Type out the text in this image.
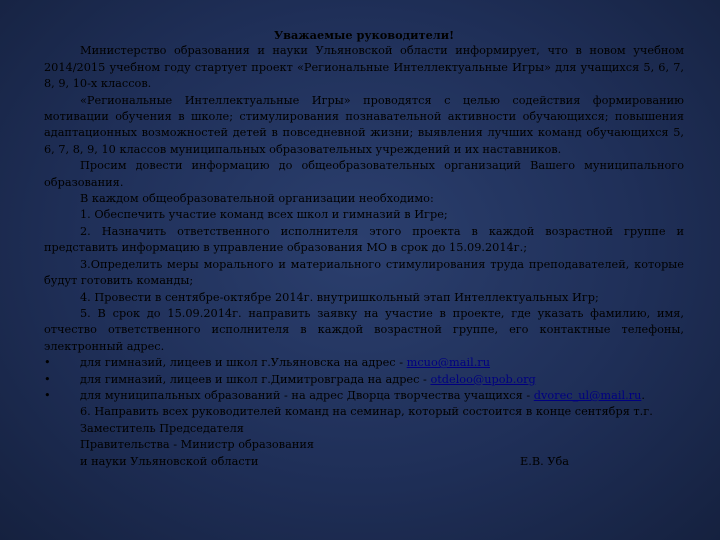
Уважаемые руководители!

Министерство образования и науки Ульяновской области информирует, что в новом учебном 2014/2015 учебном году стартует проект «Региональные Интеллектуальные Игры» для учащихся 5, 6, 7, 8, 9, 10-х классов.

«Региональные Интеллектуальные Игры» проводятся с целью содействия формированию мотивации обучения в школе; стимулирования познавательной активности обучающихся; повышения адаптационных возможностей детей в повседневной жизни; выявления лучших команд обучающихся 5, 6, 7, 8, 9, 10 классов муниципальных образовательных учреждений и их наставников.

Просим довести информацию до общеобразовательных организаций Вашего муниципального образования.

В каждом общеобразовательной организации необходимо:

1. Обеспечить участие команд всех школ и гимназий в Игре;

2. Назначить ответственного исполнителя этого проекта в каждой возрастной группе и представить информацию в управление образования МО в срок до 15.09.2014г.;

3.Определить меры морального и материального стимулирования труда преподавателей, которые будут готовить команды;

4. Провести в сентябре-октябре 2014г. внутришкольный этап Интеллектуальных Игр;

5. В срок до 15.09.2014г. направить заявку на участие в проекте, где указать фамилию, имя, отчество ответственного исполнителя в каждой возрастной группе, его контактные телефоны, электронный адрес.

•	для гимназий, лицеев и школ г.Ульяновска на адрес - mcuo@mail.ru

•	для гимназий, лицеев и школ г.Димитровграда на адрес - otdeloo@upob.org

•	для муниципальных образований - на адрес Дворца творчества учащихся - dvorec_ul@mail.ru.

6. Направить всех руководителей команд на семинар, который состоится в конце сентября т.г.

Заместитель Председателя

Правительства - Министр образования

и науки Ульяновской области	Е.В. Уба
